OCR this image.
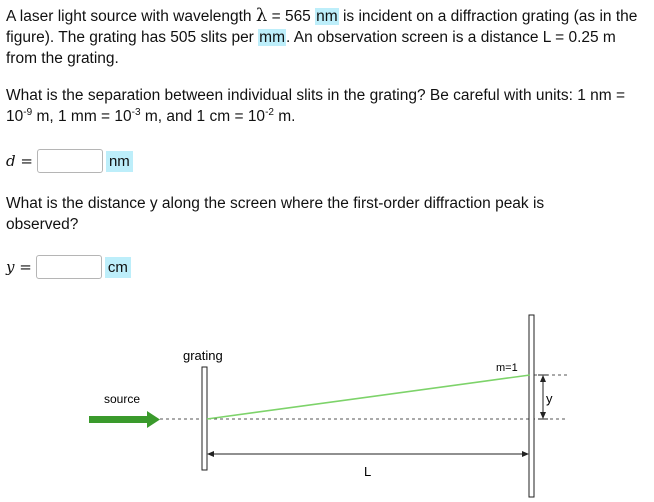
A laser light source with wavelength λ = 565 nm is incident on a diffraction grating (as in the figure). The grating has 505 slits per mm. An observation screen is a distance L = 0.25 m from the grating.

What is the separation between individual slits in the grating? Be careful with units: 1 nm = $10^{-9}$ m, 1 mm = $10^{-3}$ m, and 1 cm = $10^{-2}$ m.

d =	nm

What is the distance y along the screen where the first-order diffraction peak is observed?

y =	cm
source
grating
m=1
y
L
